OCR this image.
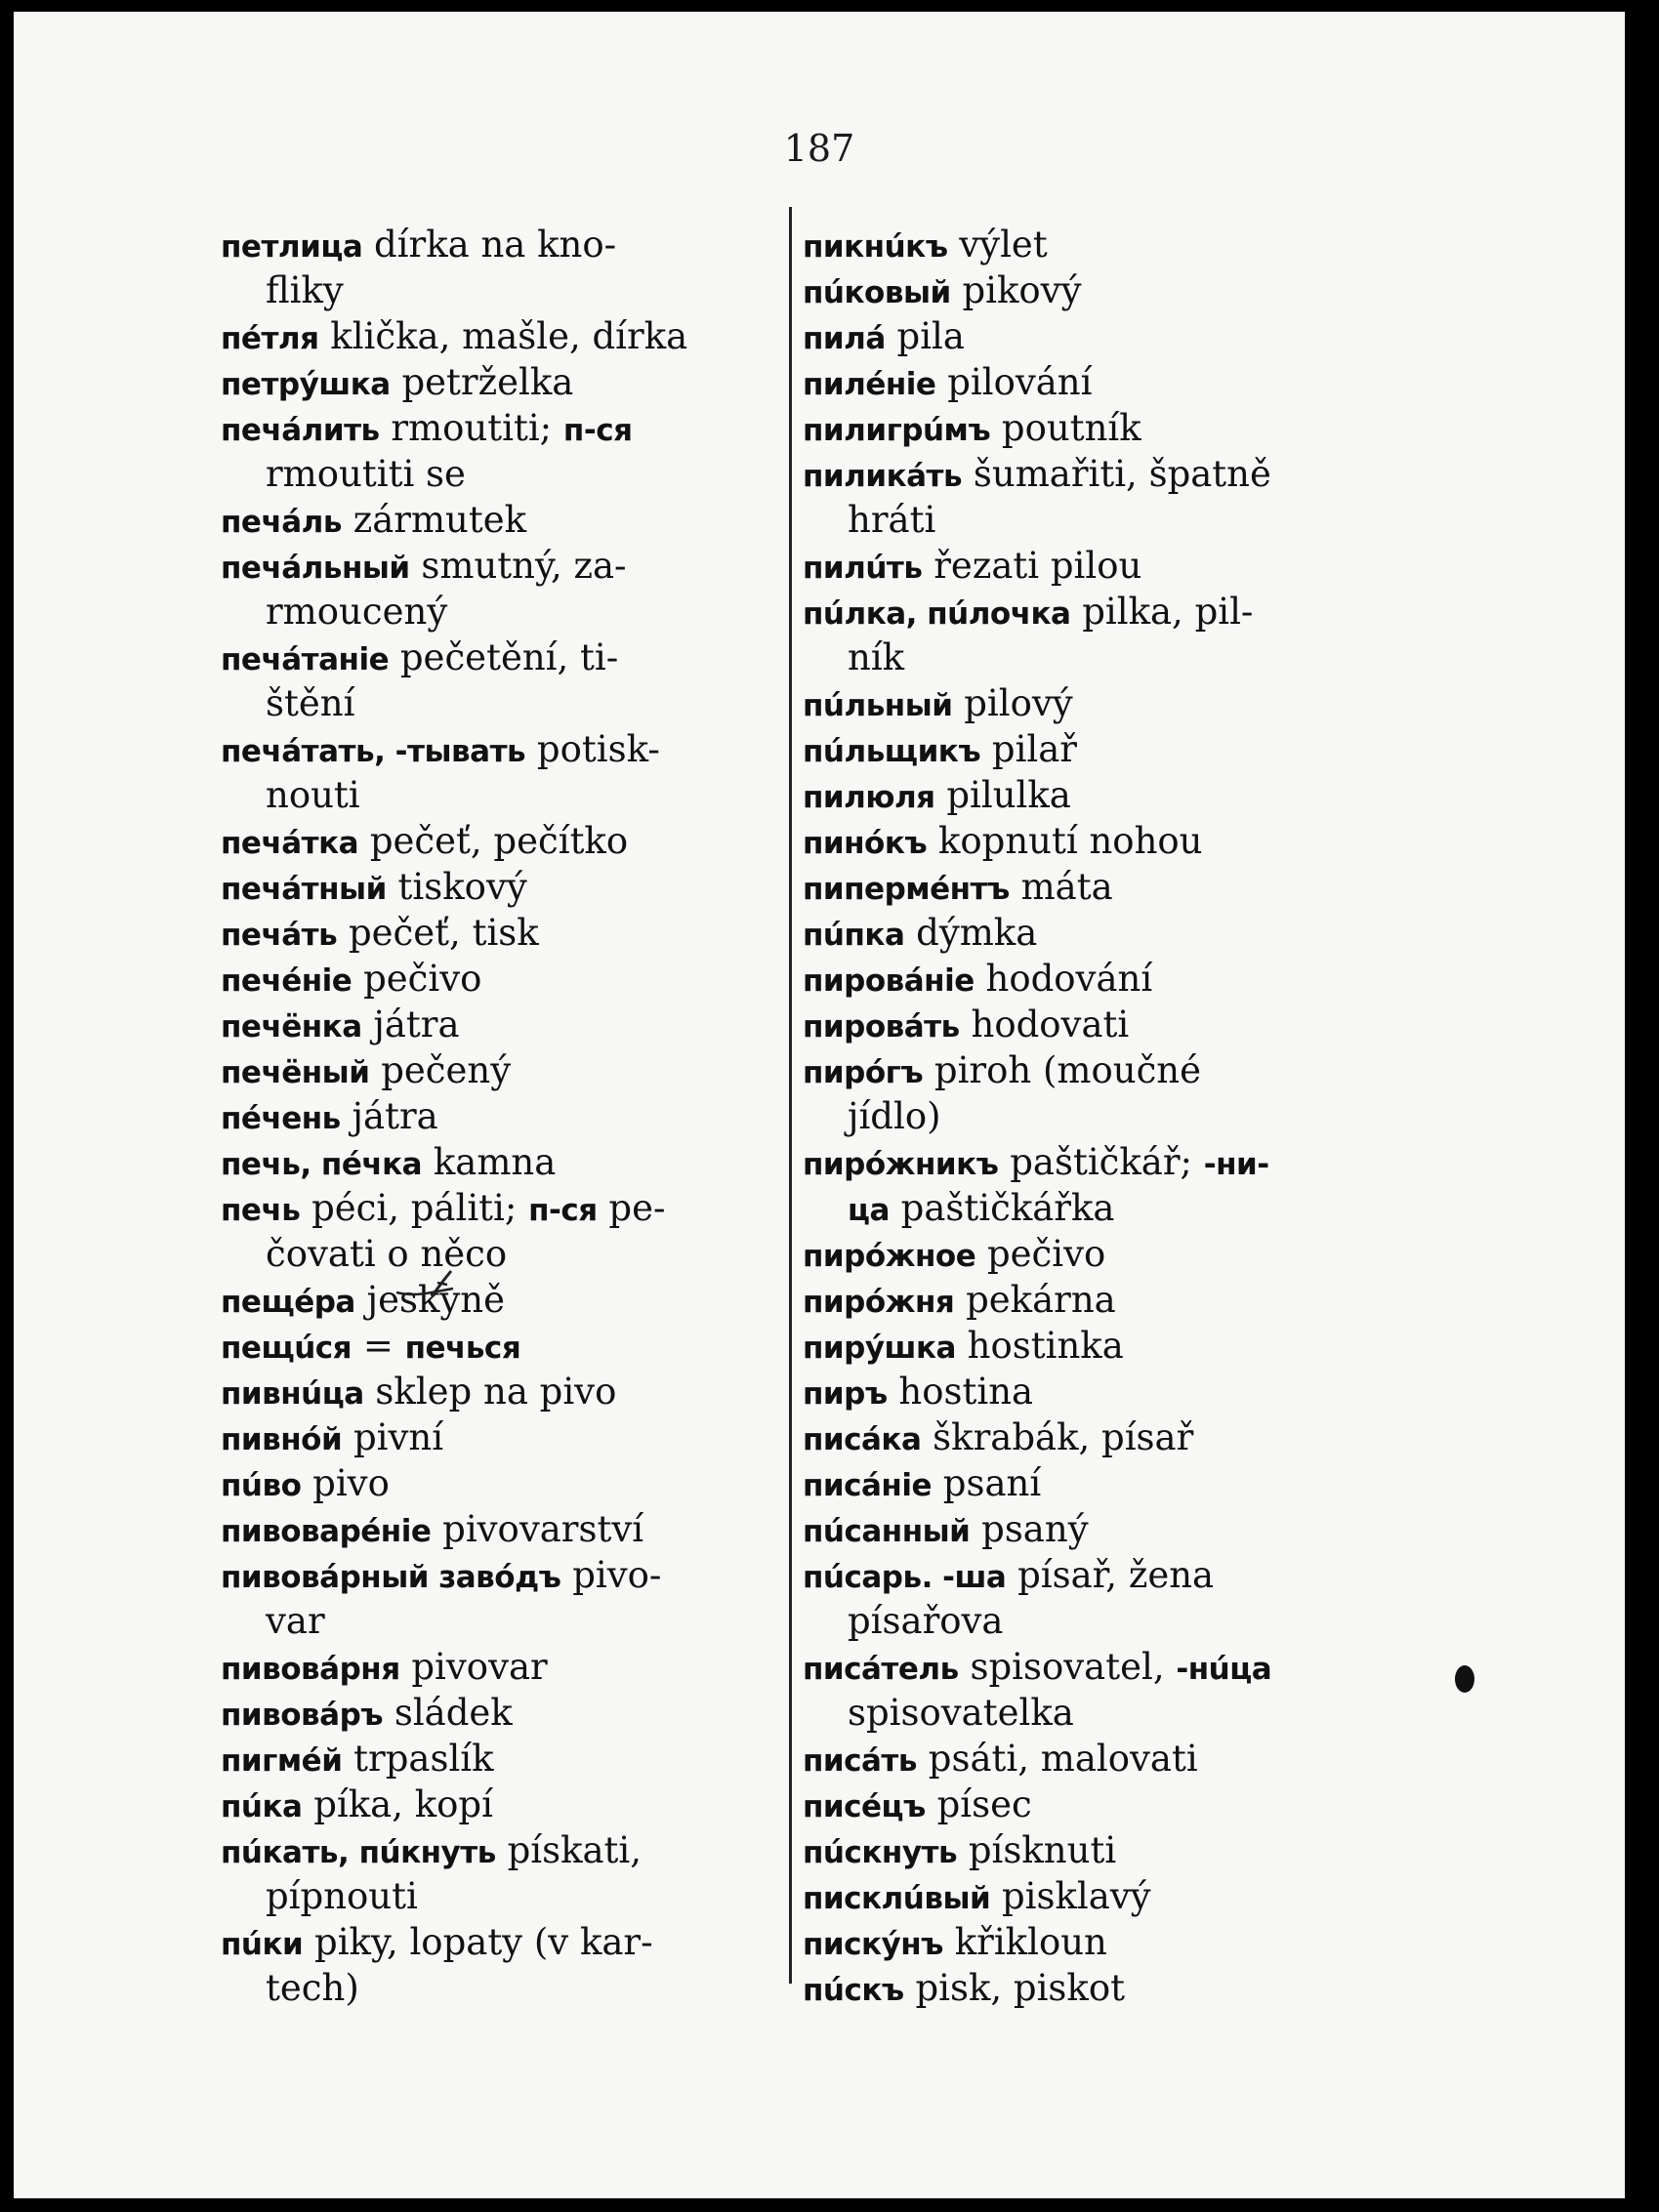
187
петлица dírka na kno-
fliky
пéтля klička, mašle, dírka
петрýшка petrželka
печáлить rmoutiti; п-ся
rmoutiti se
печáль zármutek
печáльный smutný, za-
rmoucený
печáтаніе pečetění, ti-
štění
печáтать, -тывать potisk-
nouti
печáтка pečeť, pečítko
печáтный tiskový
печáть pečeť, tisk
печéніе pečivo
печёнка játra
печёный pečený
пéчень játra
печь, пéчка kamna
печь péci, páliti; п-ся pe-
čovati o něco
пещéра jeskyně
пещúся = печься
пивнúца sklep na pivo
пивнóй pivní
пúво pivo
пивоварéніе pivovarství
пивовáрный завóдъ pivo-
var
пивовáрня pivovar
пивовáръ sládek
пигмéй trpaslík
пúка píka, kopí
пúкать, пúкнуть pískati,
pípnouti
пúки piky, lopaty (v kar-
tech)
пикнúкъ výlet
пúковый pikový
пилá pila
пилéніе pilování
пилигрúмъ poutník
пиликáть šumařiti, špatně
hráti
пилúть řezati pilou
пúлка, пúлочка pilka, pil-
ník
пúльный pilový
пúльщикъ pilař
пилюля pilulka
пинóкъ kopnutí nohou
пипермéнтъ máta
пúпка dýmka
пировáніе hodování
пировáть hodovati
пирóгъ piroh (moučné
jídlo)
пирóжникъ paštičkář; -ни-
ца paštičkářka
пирóжное pečivo
пирóжня pekárna
пирýшка hostinka
пиръ hostina
писáка škrabák, písař
писáніе psaní
пúсанный psaný
пúсарь. -ша písař, žena
písařova
писáтель spisovatel, -нúца
spisovatelka
писáть psáti, malovati
писéцъ písec
пúскнуть písknuti
писклúвый pisklavý
пискýнъ křikloun
пúскъ pisk, piskot
